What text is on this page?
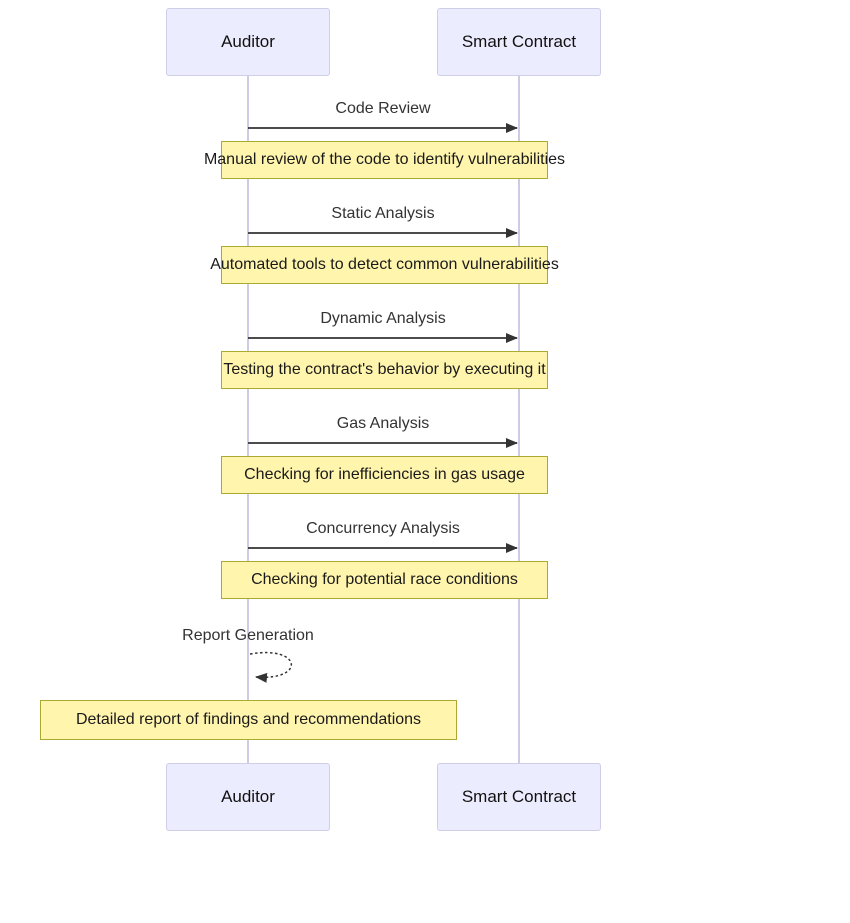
Auditor	Smart Contract
Code Review
Manual review of the code to identify vulnerabilities
Static Analysis
Automated tools to detect common vulnerabilities
Dynamic Analysis
Testing the contract's behavior by executing it
Gas Analysis
Checking for inefficiencies in gas usage
Concurrency Analysis
Checking for potential race conditions
Report Generation
Detailed report of findings and recommendations
Auditor	Smart Contract
